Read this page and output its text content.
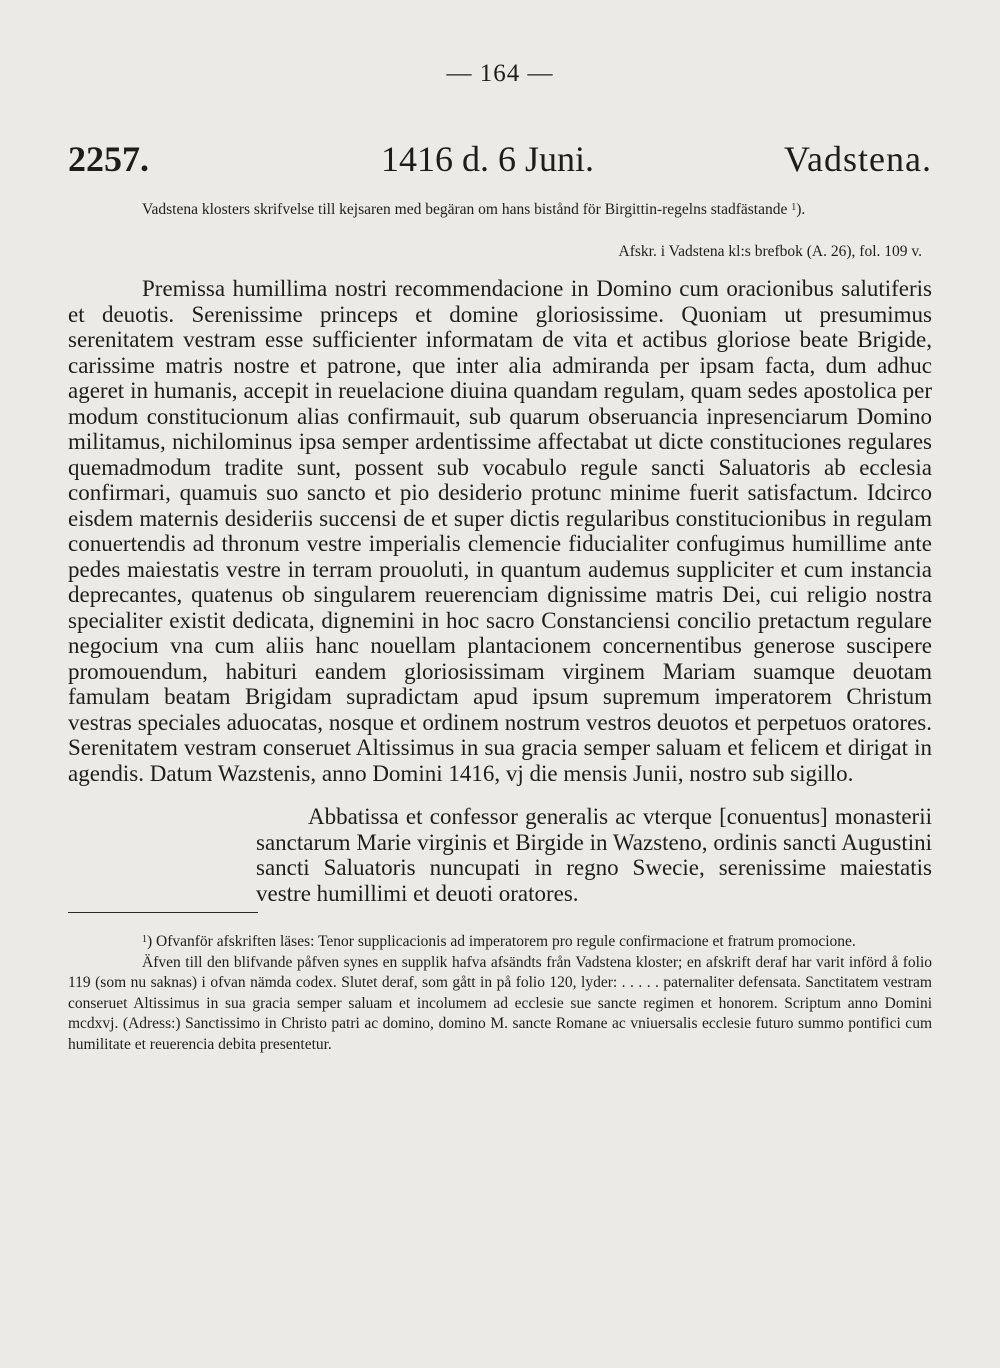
— 164 —
2257.	1416 d. 6 Juni.	Vadstena.
Vadstena klosters skrifvelse till kejsaren med begäran om hans bistånd för Birgittin-regelns stadfästande $^1$).
Afskr. i Vadstena kl:s brefbok (A. 26), fol. 109 v.

Premissa humillima nostri recommendacione in Domino cum oracionibus salutiferis et deuotis. Serenissime princeps et domine gloriosissime. Quoniam ut presumimus serenitatem vestram esse sufficienter informatam de vita et actibus gloriose beate Brigide, carissime matris nostre et patrone, que inter alia admiranda per ipsam facta, dum adhuc ageret in humanis, accepit in reuelacione diuina quandam regulam, quam sedes apostolica per modum constitucionum alias confirmauit, sub quarum obseruancia inpresenciarum Domino militamus, nichilominus ipsa semper ardentissime affectabat ut dicte constituciones regulares quemadmodum tradite sunt, possent sub vocabulo regule sancti Saluatoris ab ecclesia confirmari, quamuis suo sancto et pio desiderio protunc minime fuerit satisfactum. Idcirco eisdem maternis desideriis succensi de et super dictis regularibus constitucionibus in regulam conuertendis ad thronum vestre imperialis clemencie fiducialiter confugimus humillime ante pedes maiestatis vestre in terram prouoluti, in quantum audemus suppliciter et cum instancia deprecantes, quatenus ob singularem reuerenciam dignissime matris Dei, cui religio nostra specialiter existit dedicata, dignemini in hoc sacro Constanciensi concilio pretactum regulare negocium vna cum aliis hanc nouellam plantacionem concernentibus generose suscipere promouendum, habituri eandem gloriosissimam virginem Mariam suamque deuotam famulam beatam Brigidam supradictam apud ipsum supremum imperatorem Christum vestras speciales aduocatas, nosque et ordinem nostrum vestros deuotos et perpetuos oratores. Serenitatem vestram conseruet Altissimus in sua gracia semper saluam et felicem et dirigat in agendis. Datum Wazstenis, anno Domini 1416, vj die mensis Junii, nostro sub sigillo.

Abbatissa et confessor generalis ac vterque [conuentus] monasterii sanctarum Marie virginis et Birgide in Wazsteno, ordinis sancti Augustini sancti Saluatoris nuncupati in regno Swecie, serenissime maiestatis vestre humillimi et deuoti oratores.

$^1$) Ofvanför afskriften läses: Tenor supplicacionis ad imperatorem pro regule confirmacione et fratrum promocione.

Äfven till den blifvande påfven synes en supplik hafva afsändts från Vadstena kloster; en afskrift deraf har varit införd å folio 119 (som nu saknas) i ofvan nämda codex. Slutet deraf, som gått in på folio 120, lyder: . . . . . paternaliter defensata. Sanctitatem vestram conseruet Altissimus in sua gracia semper saluam et incolumem ad ecclesie sue sancte regimen et honorem. Scriptum anno Domini mcdxvj. (Adress:) Sanctissimo in Christo patri ac domino, domino M. sancte Romane ac vniuersalis ecclesie futuro summo pontifici cum humilitate et reuerencia debita presentetur.
